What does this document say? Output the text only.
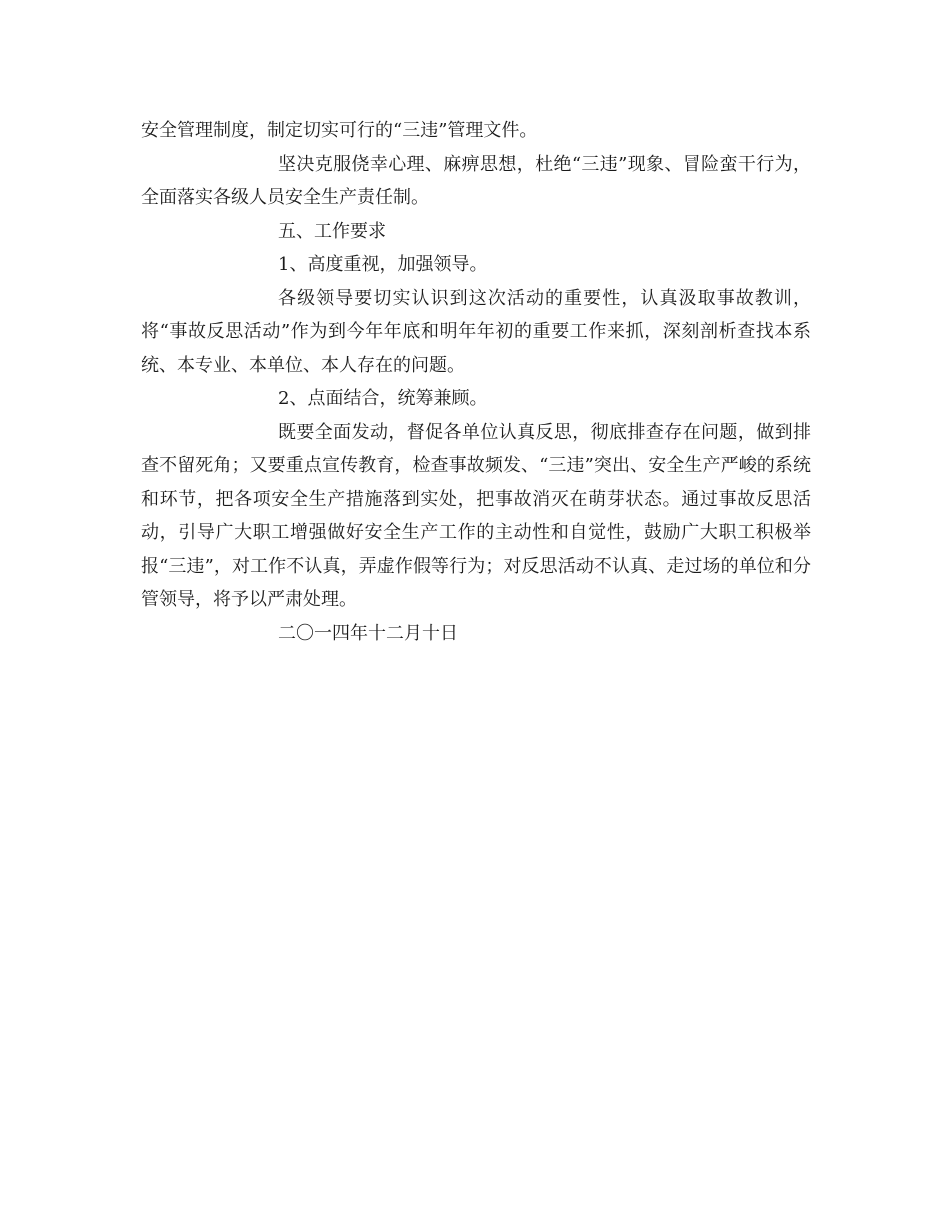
安全管理制度，制定切实可行的“三违”管理文件。

坚决克服侥幸心理、麻痹思想，杜绝“三违”现象、冒险蛮干行为，全面落实各级人员安全生产责任制。

五、工作要求

1、高度重视，加强领导。

各级领导要切实认识到这次活动的重要性，认真汲取事故教训，将“事故反思活动”作为到今年年底和明年年初的重要工作来抓，深刻剖析查找本系统、本专业、本单位、本人存在的问题。

2、点面结合，统筹兼顾。

既要全面发动，督促各单位认真反思，彻底排查存在问题，做到排查不留死角；又要重点宣传教育，检查事故频发、“三违”突出、安全生产严峻的系统和环节，把各项安全生产措施落到实处，把事故消灭在萌芽状态。通过事故反思活动，引导广大职工增强做好安全生产工作的主动性和自觉性，鼓励广大职工积极举报“三违”，对工作不认真，弄虚作假等行为；对反思活动不认真、走过场的单位和分管领导，将予以严肃处理。

二〇一四年十二月十日
